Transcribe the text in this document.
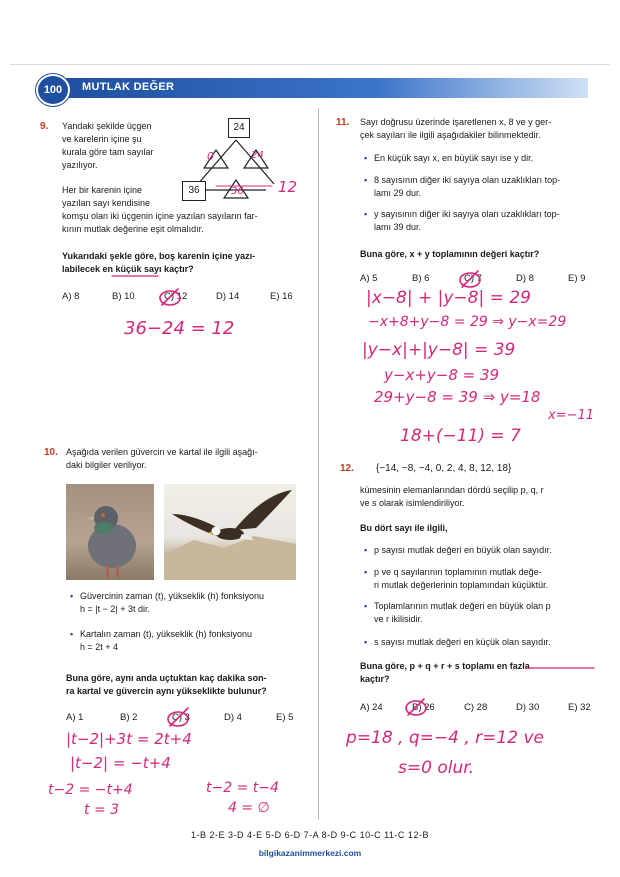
100	MUTLAK DEĞER
9. Yandaki şekilde üçgen
ve karelerin içine şu
kurala göre tam sayılar
yazılıyor.
Her bir karenin içine
yazılan sayı kendisine
komşu olan iki üçgenin içine yazılan sayıların far-
kının mutlak değerine eşit olmalıdır.
Yukarıdaki şekle göre, boş karenin içine yazı-
labilecek en küçük sayı kaçtır?
24
36
0	24
36 12
A) 8	B) 10	C) 12	D) 14	E) 16
36−24 = 12
10. Aşağıda verilen güvercin ve kartal ile ilgili aşağı-
daki bilgiler veriliyor.
• Güvercinin zaman (t), yükseklik (h) fonksiyonu
h = |t − 2| + 3t dir.
• Kartalın zaman (t), yükseklik (h) fonksiyonu
h = 2t + 4
Buna göre, aynı anda uçtuktan kaç dakika son-
ra kartal ve güvercin aynı yükseklikte bulunur?
A) 1	B) 2	C) 3	D) 4	E) 5
|t−2|+3t = 2t+4
|t−2| = −t+4
t−2 = −t+4
t = 3
t−2 = t−4
4 = ∅
11. Sayı doğrusu üzerinde işaretlenen x, 8 ve y ger-
çek sayıları ile ilgili aşağıdakiler bilinmektedir.
• En küçük sayı x, en büyük sayı ise y dir.
• 8 sayısının diğer iki sayıya olan uzaklıkları top-
lamı 29 dur.
• y sayısının diğer iki sayıya olan uzaklıkları top-
lamı 39 dur.
Buna göre, x + y toplamının değeri kaçtır?
A) 5	B) 6	C) 7	D) 8	E) 9
|x−8| + |y−8| = 29
−x+8+y−8 = 29 ⇒ y−x=29
|y−x|+|y−8| = 39
y−x+y−8 = 39
29+y−8 = 39 ⇒ y=18
x=−11
18+(−11) = 7
12. {−14, −8, −4, 0, 2, 4, 8, 12, 18}
kümesinin elemanlarından dördü seçilip p, q, r
ve s olarak isimlendiriliyor.
Bu dört sayı ile ilgili,
• p sayısı mutlak değeri en büyük olan sayıdır.
• p ve q sayılarının toplamının mutlak değe-
ri mutlak değerlerinin toplamından küçüktür.
• Toplamlarının mutlak değeri en büyük olan p
ve r ikilisidir.
• s sayısı mutlak değeri en küçük olan sayıdır.
Buna göre, p + q + r + s toplamı en fazla
kaçtır?
A) 24	B) 26	C) 28	D) 30	E) 32
p=18 , q=−4 , r=12 ve
s=0 olur.
1-B 2-E 3-D 4-E 5-D 6-D 7-A 8-D 9-C 10-C 11-C 12-B
bilgikazanimmerkezi.com
